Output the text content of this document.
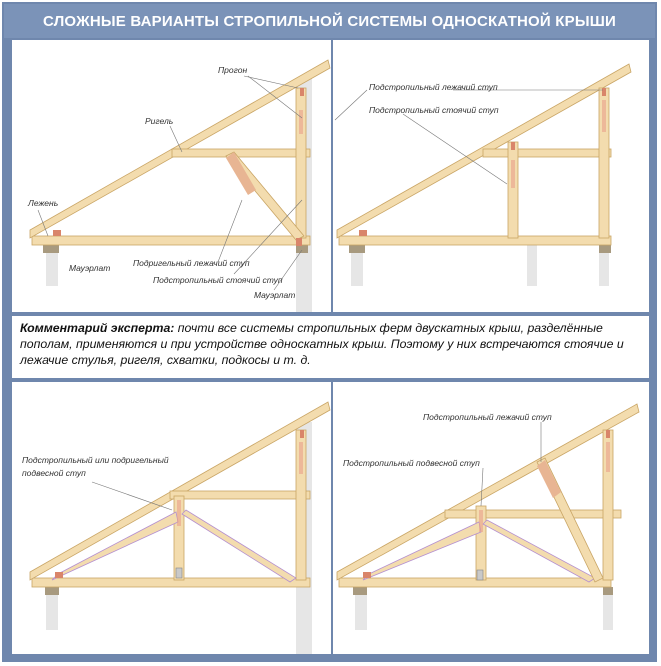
СЛОЖНЫЕ ВАРИАНТЫ СТРОПИЛЬНОЙ СИСТЕМЫ ОДНОСКАТНОЙ КРЫШИ
Прогон
Ригель
Лежень
Мауэрлат	Подригельный лежачий ступ
Подстропильный стоячий ступ
Мауэрлат
Подстропильный лежачий ступ
Подстропильный стоячий ступ
Комментарий эксперта: почти все системы стропильных ферм двускатных крыш, разделённые пополам, применяются и при устройстве односкатных крыш. Поэтому у них встречаются стоячие и лежачие стулья, ригеля, схватки, подкосы и т. д.
Подстропильный или подригельный
подвесной ступ
Подстропильный лежачий ступ
Подстропильный подвесной ступ
